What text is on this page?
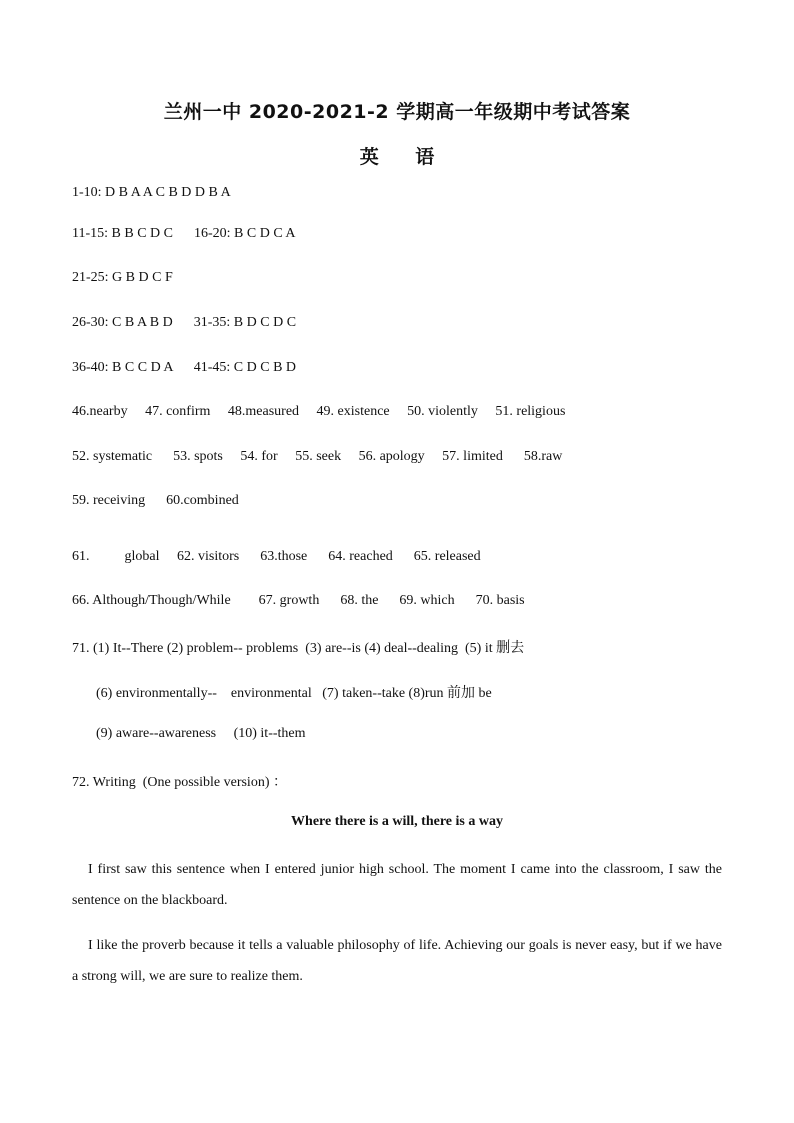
兰州一中 2020-2021-2 学期高一年级期中考试答案
英 语
1-10: D B A A C B D D B A
11-15: B B C D C      16-20: B C D C A
21-25: G B D C F
26-30: C B A B D      31-35: B D C D C
36-40: B C C D A      41-45: C D C B D
46.nearby     47. confirm     48.measured     49. existence     50. violently     51. religious
52. systematic      53. spots     54. for     55. seek     56. apology     57. limited      58.raw
59. receiving      60.combined
61.          global     62. visitors      63.those      64. reached      65. released
66. Although/Though/While        67. growth      68. the      69. which      70. basis
71. (1) It--There (2) problem-- problems  (3) are--is (4) deal--dealing  (5) it 删去
(6) environmentally--    environmental   (7) taken--take (8)run 前加 be
(9) aware--awareness     (10) it--them
72. Writing  (One possible version) ：
Where there is a will, there is a way
I first saw this sentence when I entered junior high school. The moment I came into the classroom, I saw the sentence on the blackboard.
I like the proverb because it tells a valuable philosophy of life. Achieving our goals is never easy, but if we have a strong will, we are sure to realize them.
